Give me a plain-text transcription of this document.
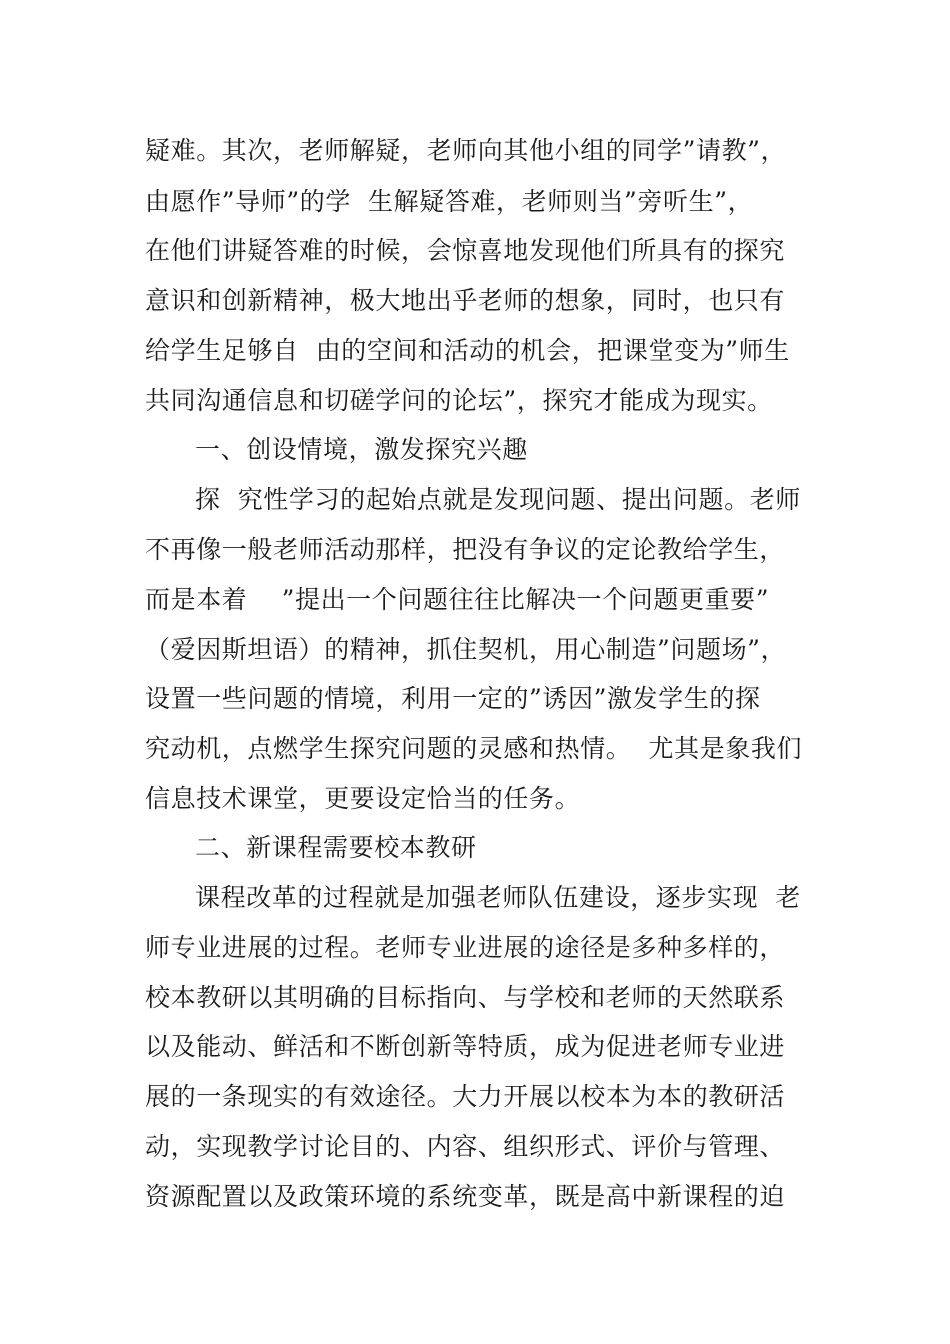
疑难。其次，老师解疑，老师向其他小组的同学”请教”，
由愿作”导师”的学  生解疑答难，老师则当”旁听生”，
在他们讲疑答难的时候，会惊喜地发现他们所具有的探究
意识和创新精神，极大地出乎老师的想象，同时，也只有
给学生足够自  由的空间和活动的机会，把课堂变为”师生
共同沟通信息和切磋学问的论坛”，探究才能成为现实。
一、创设情境，激发探究兴趣
探  究性学习的起始点就是发现问题、提出问题。老师
不再像一般老师活动那样，把没有争议的定论教给学生，
而是本着    ”提出一个问题往往比解决一个问题更重要”
（爱因斯坦语）的精神，抓住契机，用心制造”问题场”，
设置一些问题的情境，利用一定的”诱因”激发学生的探
究动机，点燃学生探究问题的灵感和热情。  尤其是象我们
信息技术课堂，更要设定恰当的任务。
二、新课程需要校本教研
课程改革的过程就是加强老师队伍建设，逐步实现  老
师专业进展的过程。老师专业进展的途径是多种多样的，
校本教研以其明确的目标指向、与学校和老师的天然联系
以及能动、鲜活和不断创新等特质，成为促进老师专业进
展的一条现实的有效途径。大力开展以校本为本的教研活
动，实现教学讨论目的、内容、组织形式、评价与管理、
资源配置以及政策环境的系统变革，既是高中新课程的迫
